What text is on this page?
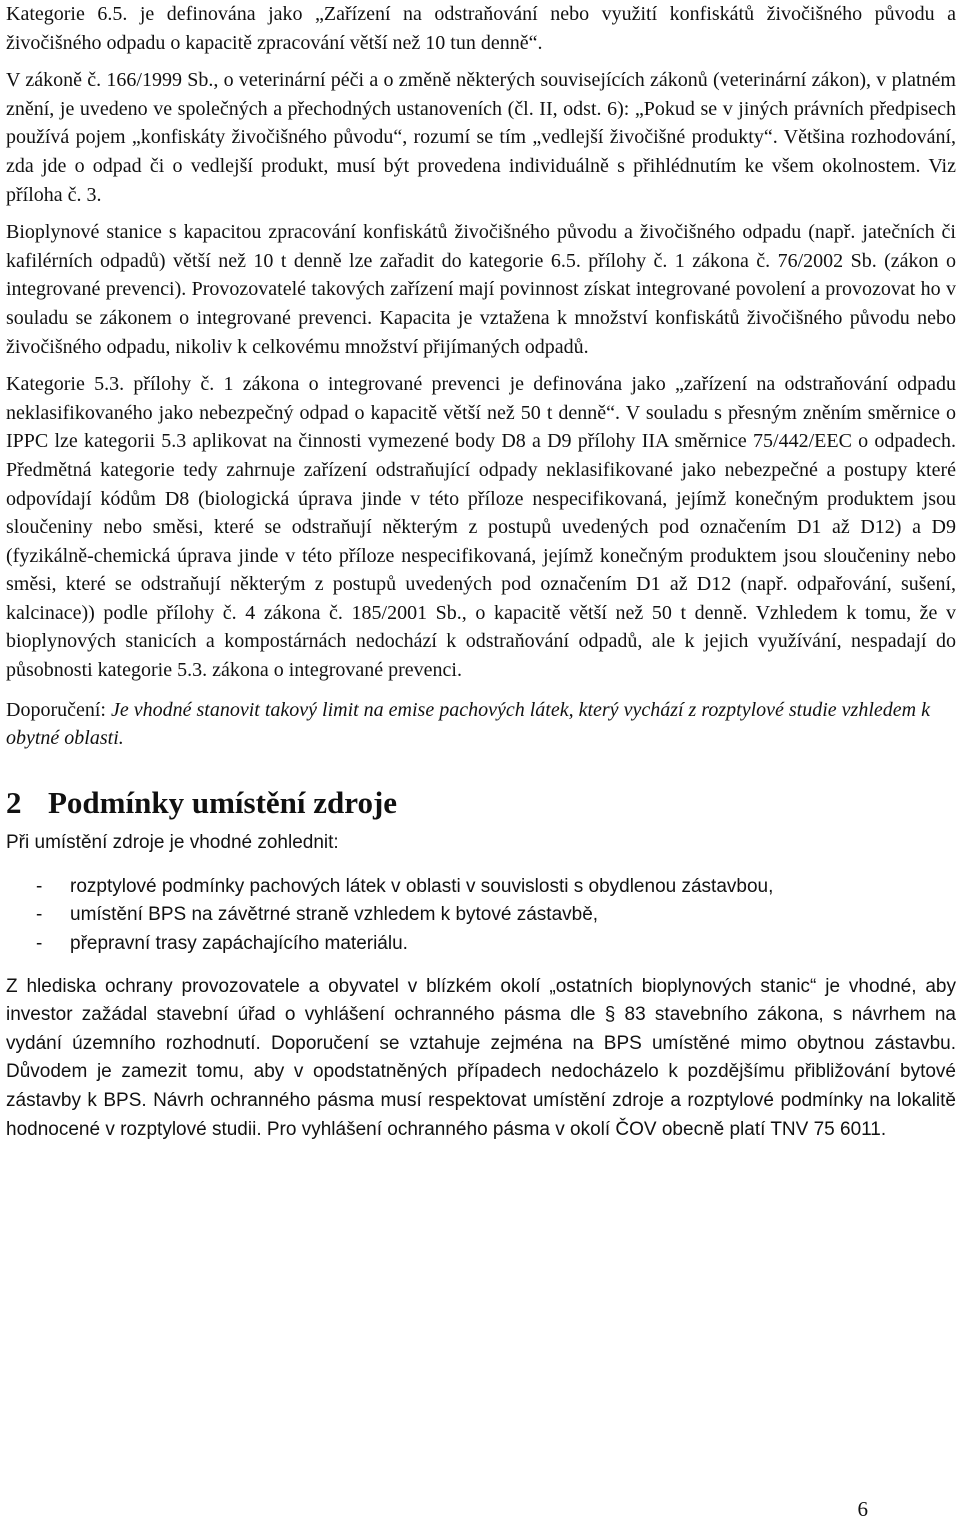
Kategorie 6.5. je definována jako „Zařízení na odstraňování nebo využití konfiskátů živočišného původu a živočišného odpadu o kapacitě zpracování větší než 10 tun denně“.

V zákoně č. 166/1999 Sb., o veterinární péči a o změně některých souvisejících zákonů (veterinární zákon), v platném znění, je uvedeno ve společných a přechodných ustanoveních (čl. II, odst. 6): „Pokud se v jiných právních předpisech používá pojem „konfiskáty živočišného původu“, rozumí se tím „vedlejší živočišné produkty“. Většina rozhodování, zda jde o odpad či o vedlejší produkt, musí být provedena individuálně s přihlédnutím ke všem okolnostem. Viz příloha č. 3.

Bioplynové stanice s kapacitou zpracování konfiskátů živočišného původu a živočišného odpadu (např. jatečních či kafilérních odpadů) větší než 10 t denně lze zařadit do kategorie 6.5. přílohy č. 1 zákona č. 76/2002 Sb. (zákon o integrované prevenci). Provozovatelé takových zařízení mají povinnost získat integrované povolení a provozovat ho v souladu se zákonem o integrované prevenci. Kapacita je vztažena k množství konfiskátů živočišného původu nebo živočišného odpadu, nikoliv k celkovému množství přijímaných odpadů.

Kategorie 5.3. přílohy č. 1 zákona o integrované prevenci je definována jako „zařízení na odstraňování odpadu neklasifikovaného jako nebezpečný odpad o kapacitě větší než 50 t denně“. V souladu s přesným zněním směrnice o IPPC lze kategorii 5.3 aplikovat na činnosti vymezené body D8 a D9 přílohy IIA směrnice 75/442/EEC o odpadech. Předmětná kategorie tedy zahrnuje zařízení odstraňující odpady neklasifikované jako nebezpečné a postupy které odpovídají kódům D8 (biologická úprava jinde v této příloze nespecifikovaná, jejímž konečným produktem jsou sloučeniny nebo směsi, které se odstraňují některým z postupů uvedených pod označením D1 až D12) a D9 (fyzikálně-chemická úprava jinde v této příloze nespecifikovaná, jejímž konečným produktem jsou sloučeniny nebo směsi, které se odstraňují některým z postupů uvedených pod označením D1 až D12 (např. odpařování, sušení, kalcinace)) podle přílohy č. 4 zákona č. 185/2001 Sb., o kapacitě větší než 50 t denně. Vzhledem k tomu, že v bioplynových stanicích a kompostárnách nedochází k odstraňování odpadů, ale k jejich využívání, nespadají do působnosti kategorie 5.3. zákona o integrované prevenci.

Doporučení: Je vhodné stanovit takový limit na emise pachových látek, který vychází z rozptylové studie vzhledem k obytné oblasti.

2 Podmínky umístění zdroje

Při umístění zdroje je vhodné zohlednit:

-	rozptylové podmínky pachových látek v oblasti v souvislosti s obydlenou zástavbou,
-	umístění BPS na závětrné straně vzhledem k bytové zástavbě,
-	přepravní trasy zapáchajícího materiálu.

Z hlediska ochrany provozovatele a obyvatel v blízkém okolí „ostatních bioplynových stanic“ je vhodné, aby investor zažádal stavební úřad o vyhlášení ochranného pásma dle § 83 stavebního zákona, s návrhem na vydání územního rozhodnutí. Doporučení se vztahuje zejména na BPS umístěné mimo obytnou zástavbu. Důvodem je zamezit tomu, aby v opodstatněných případech nedocházelo k pozdějšímu přibližování bytové zástavby k BPS. Návrh ochranného pásma musí respektovat umístění zdroje a rozptylové podmínky na lokalitě hodnocené v rozptylové studii. Pro vyhlášení ochranného pásma v okolí ČOV obecně platí TNV 75 6011.

6
